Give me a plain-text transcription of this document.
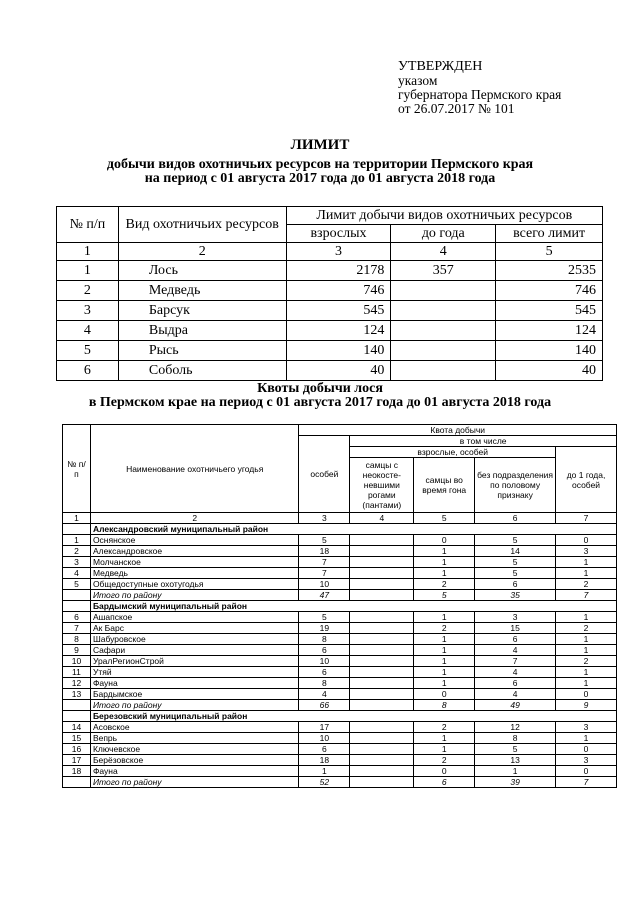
УТВЕРЖДЕН
указом
губернатора Пермского края
от 26.07.2017 № 101
ЛИМИТ
добычи видов охотничьих ресурсов на территории Пермского края
на период с 01 августа 2017 года до 01 августа 2018 года
№ п/п	Вид охотничьих ресурсов	Лимит добычи видов охотничьих ресурсов		
		взрослых	до года	всего лимит
1	2	3	4	5
1	Лось	2178	357	2535
2	Медведь	746		746
3	Барсук	545		545
4	Выдра	124		124
5	Рысь	140		140
6	Соболь	40		40
Квоты добычи лося
в Пермском крае на период с 01 августа 2017 года до 01 августа 2018 года
№ п/п	Наименование охотничьего угодья	Квота добычи				
		особей	в том числе			
			взрослые, особей			до 1 года, особей
			самцы с неокосте-невшими рогами (пантами)	самцы во время гона	без подразделения по половому признаку	
1	2	3	4	5	6	7
	Александровский муниципальный район					
1	Оснянское	5		0	5	0
2	Александровское	18		1	14	3
3	Молчанское	7		1	5	1
4	Медведь	7		1	5	1
5	Общедоступные охотугодья	10		2	6	2
	Итого по району	47		5	35	7
	Бардымский муниципальный район					
6	Ашапское	5		1	3	1
7	Ак Барс	19		2	15	2
8	Шабуровское	8		1	6	1
9	Сафари	6		1	4	1
10	УралРегионСтрой	10		1	7	2
11	Утяй	6		1	4	1
12	Фауна	8		1	6	1
13	Бардымское	4		0	4	0
	Итого по району	66		8	49	9
	Березовский муниципальный район					
14	Асовское	17		2	12	3
15	Вепрь	10		1	8	1
16	Ключевское	6		1	5	0
17	Берёзовское	18		2	13	3
18	Фауна	1		0	1	0
	Итого по району	52		6	39	7
